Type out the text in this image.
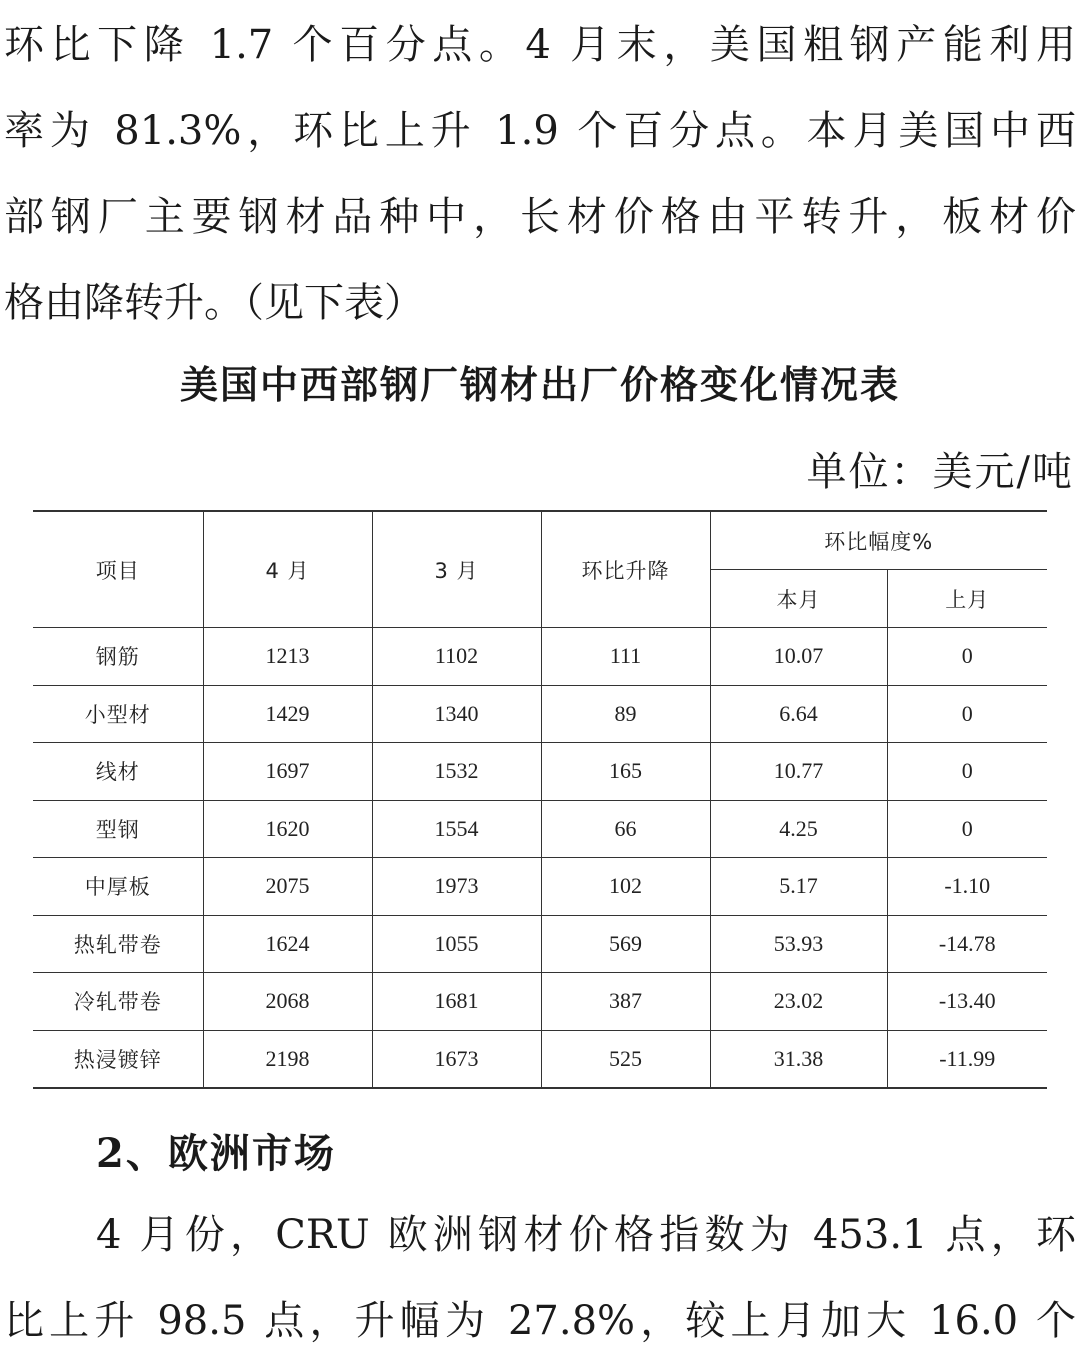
环比下降 1.7 个百分点。4 月末，美国粗钢产能利用
率为 81.3%，环比上升 1.9 个百分点。本月美国中西
部钢厂主要钢材品种中，长材价格由平转升，板材价
格由降转升。（见下表）
美国中西部钢厂钢材出厂价格变化情况表
单位：美元/吨
项目	4 月	3 月	环比升降	环比幅度%	
				本月	上月
钢筋	1213	1102	111	10.07	0
小型材	1429	1340	89	6.64	0
线材	1697	1532	165	10.77	0
型钢	1620	1554	66	4.25	0
中厚板	2075	1973	102	5.17	-1.10
热轧带卷	1624	1055	569	53.93	-14.78
冷轧带卷	2068	1681	387	23.02	-13.40
热浸镀锌	2198	1673	525	31.38	-11.99
2、欧洲市场
4 月份，CRU 欧洲钢材价格指数为 453.1 点，环
比上升 98.5 点，升幅为 27.8%，较上月加大 16.0 个
